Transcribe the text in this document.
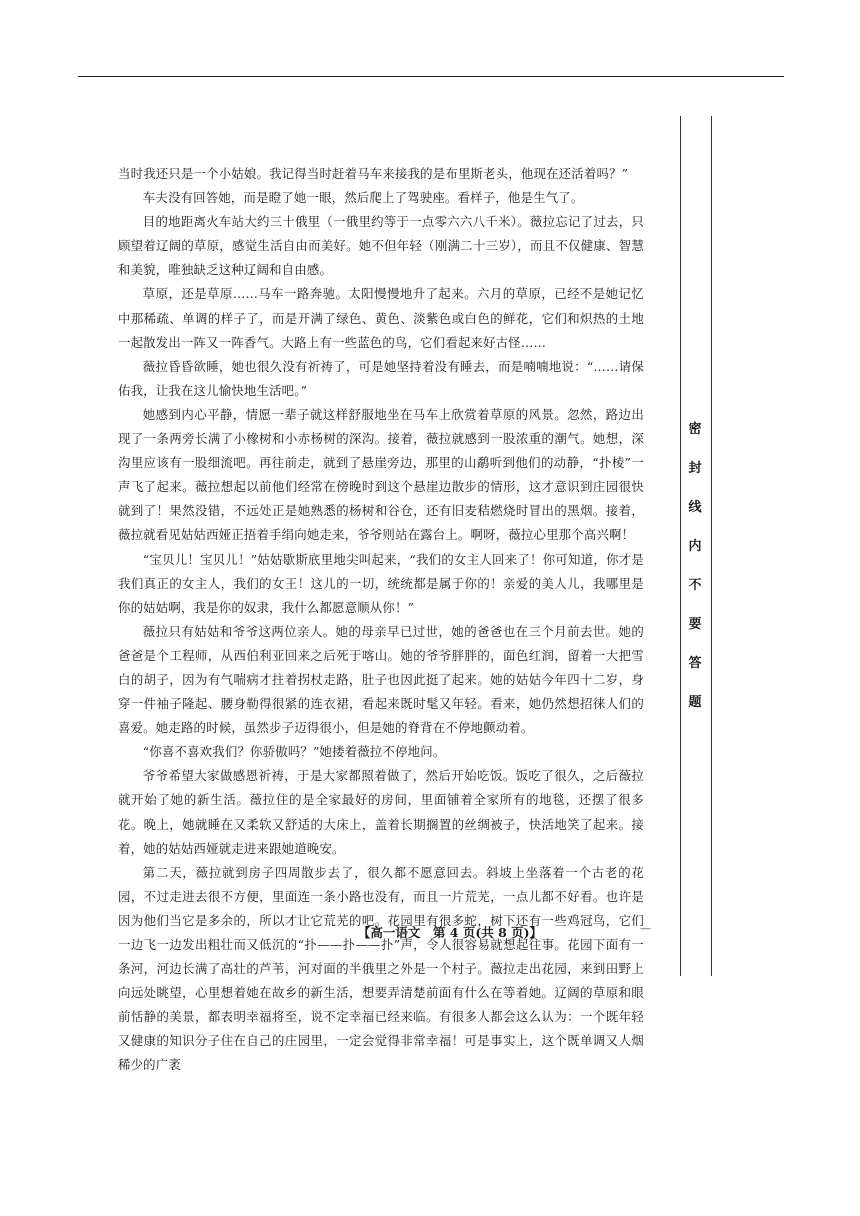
当时我还只是一个小姑娘。我记得当时赶着马车来接我的是布里斯老头，他现在还活着吗？”

车夫没有回答她，而是瞪了她一眼，然后爬上了驾驶座。看样子，他是生气了。

目的地距离火车站大约三十俄里（一俄里约等于一点零六六八千米）。薇拉忘记了过去，只顾望着辽阔的草原，感觉生活自由而美好。她不但年轻（刚满二十三岁），而且不仅健康、智慧和美貌，唯独缺乏这种辽阔和自由感。

草原，还是草原……马车一路奔驰。太阳慢慢地升了起来。六月的草原，已经不是她记忆中那稀疏、单调的样子了，而是开满了绿色、黄色、淡紫色或白色的鲜花，它们和炽热的土地一起散发出一阵又一阵香气。大路上有一些蓝色的鸟，它们看起来好古怪……

薇拉昏昏欲睡，她也很久没有祈祷了，可是她坚持着没有睡去，而是喃喃地说：“……请保佑我，让我在这儿愉快地生活吧。”

她感到内心平静，情愿一辈子就这样舒服地坐在马车上欣赏着草原的风景。忽然，路边出现了一条两旁长满了小橡树和小赤杨树的深沟。接着，薇拉就感到一股浓重的潮气。她想，深沟里应该有一股细流吧。再往前走，就到了悬崖旁边，那里的山鹬听到他们的动静，“扑棱”一声飞了起来。薇拉想起以前他们经常在傍晚时到这个悬崖边散步的情形，这才意识到庄园很快就到了！果然没错，不远处正是她熟悉的杨树和谷仓，还有旧麦秸燃烧时冒出的黑烟。接着，薇拉就看见姑姑西娅正捂着手绢向她走来，爷爷则站在露台上。啊呀，薇拉心里那个高兴啊！

“宝贝儿！宝贝儿！”姑姑歇斯底里地尖叫起来，“我们的女主人回来了！你可知道，你才是我们真正的女主人，我们的女王！这儿的一切，统统都是属于你的！亲爱的美人儿，我哪里是你的姑姑啊，我是你的奴隶，我什么都愿意顺从你！”

薇拉只有姑姑和爷爷这两位亲人。她的母亲早已过世，她的爸爸也在三个月前去世。她的爸爸是个工程师，从西伯利亚回来之后死于喀山。她的爷爷胖胖的，面色红润，留着一大把雪白的胡子，因为有气喘病才拄着拐杖走路，肚子也因此挺了起来。她的姑姑今年四十二岁，身穿一件袖子隆起、腰身勒得很紧的连衣裙，看起来既时髦又年轻。看来，她仍然想招徕人们的喜爱。她走路的时候，虽然步子迈得很小，但是她的脊背在不停地颤动着。

“你喜不喜欢我们？你骄傲吗？”她搂着薇拉不停地问。

爷爷希望大家做感恩祈祷，于是大家都照着做了，然后开始吃饭。饭吃了很久，之后薇拉就开始了她的新生活。薇拉住的是全家最好的房间，里面铺着全家所有的地毯，还摆了很多花。晚上，她就睡在又柔软又舒适的大床上，盖着长期搁置的丝绸被子，快活地笑了起来。接着，她的姑姑西娅就走进来跟她道晚安。

第二天，薇拉就到房子四周散步去了，很久都不愿意回去。斜坡上坐落着一个古老的花园，不过走进去很不方便，里面连一条小路也没有，而且一片荒芜，一点儿都不好看。也许是因为他们当它是多余的，所以才让它荒芜的吧。花园里有很多蛇，树下还有一些鸡冠鸟，它们一边飞一边发出粗壮而又低沉的“扑——扑——扑”声，令人很容易就想起往事。花园下面有一条河，河边长满了高壮的芦苇，河对面的半俄里之外是一个村子。薇拉走出花园，来到田野上向远处眺望，心里想着她在故乡的新生活，想要弄清楚前面有什么在等着她。辽阔的草原和眼前恬静的美景，都表明幸福将至，说不定幸福已经来临。有很多人都会这么认为：一个既年轻又健康的知识分子住在自己的庄园里，一定会觉得非常幸福！可是事实上，这个既单调又人烟稀少的广袤

密
封
线
内
不
要
答
题
【高一语文　第 4 页(共 8 页)】	—
